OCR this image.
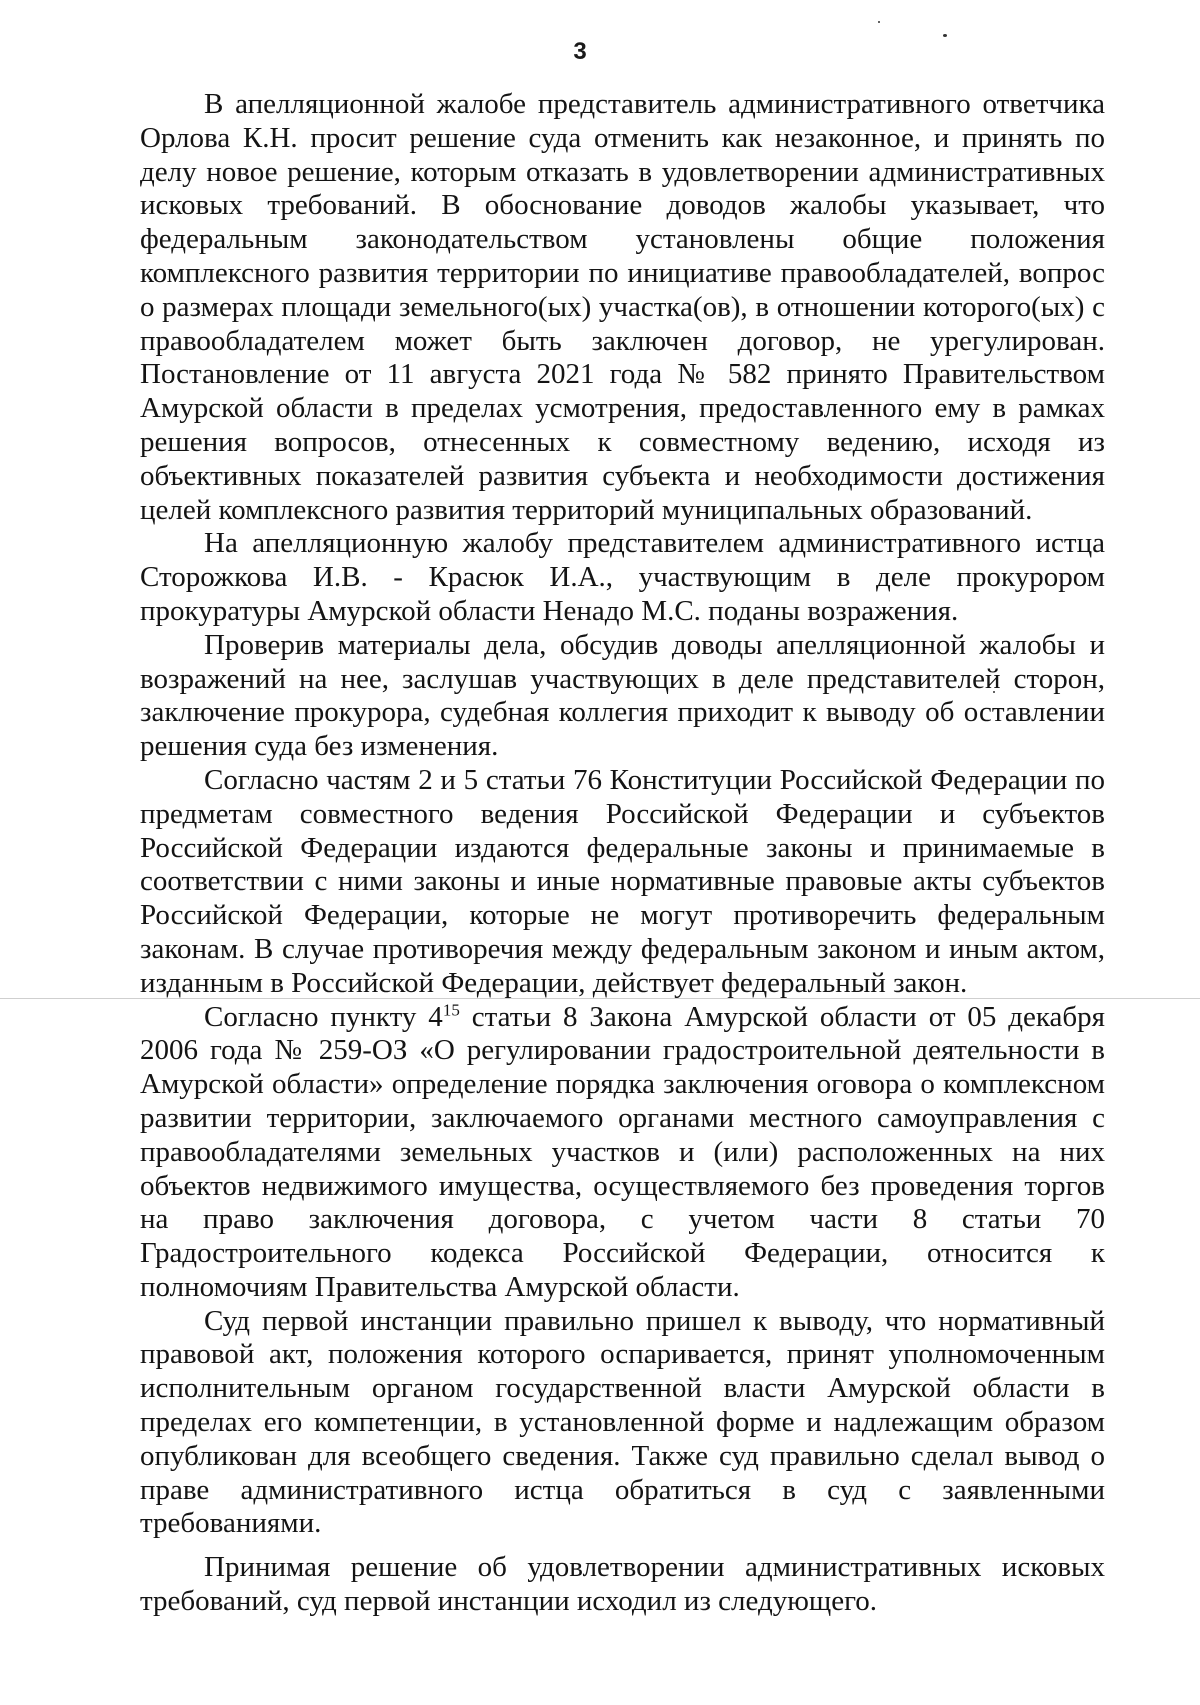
3

В апелляционной жалобе представитель административного ответчика Орлова К.Н. просит решение суда отменить как незаконное, и принять по делу новое решение, которым отказать в удовлетворении административных исковых требований. В обоснование доводов жалобы указывает, что федеральным законодательством установлены общие положения комплексного развития территории по инициативе правообладателей, вопрос о размерах площади земельного(ых) участка(ов), в отношении которого(ых) с правообладателем может быть заключен договор, не урегулирован. Постановление от 11 августа 2021 года № 582 принято Правительством Амурской области в пределах усмотрения, предоставленного ему в рамках решения вопросов, отнесенных к совместному ведению, исходя из объективных показателей развития субъекта и необходимости достижения целей комплексного развития территорий муниципальных образований.

На апелляционную жалобу представителем административного истца Сторожкова И.В. - Красюк И.А., участвующим в деле прокурором прокуратуры Амурской области Ненадо М.С. поданы возражения.

Проверив материалы дела, обсудив доводы апелляционной жалобы и возражений на нее, заслушав участвующих в деле представителей сторон, заключение прокурора, судебная коллегия приходит к выводу об оставлении решения суда без изменения.

Согласно частям 2 и 5 статьи 76 Конституции Российской Федерации по предметам совместного ведения Российской Федерации и субъектов Российской Федерации издаются федеральные законы и принимаемые в соответствии с ними законы и иные нормативные правовые акты субъектов Российской Федерации, которые не могут противоречить федеральным законам. В случае противоречия между федеральным законом и иным актом, изданным в Российской Федерации, действует федеральный закон.

Согласно пункту $4^{15}$ статьи 8 Закона Амурской области от 05 декабря 2006 года № 259-ОЗ «О регулировании градостроительной деятельности в Амурской области» определение порядка заключения оговора о комплексном развитии территории, заключаемого органами местного самоуправления с правообладателями земельных участков и (или) расположенных на них объектов недвижимого имущества, осуществляемого без проведения торгов на право заключения договора, с учетом части 8 статьи 70 Градостроительного кодекса Российской Федерации, относится к полномочиям Правительства Амурской области.

Суд первой инстанции правильно пришел к выводу, что нормативный правовой акт, положения которого оспаривается, принят уполномоченным исполнительным органом государственной власти Амурской области в пределах его компетенции, в установленной форме и надлежащим образом опубликован для всеобщего сведения. Также суд правильно сделал вывод о праве административного истца обратиться в суд с заявленными требованиями.

Принимая решение об удовлетворении административных исковых требований, суд первой инстанции исходил из следующего.
